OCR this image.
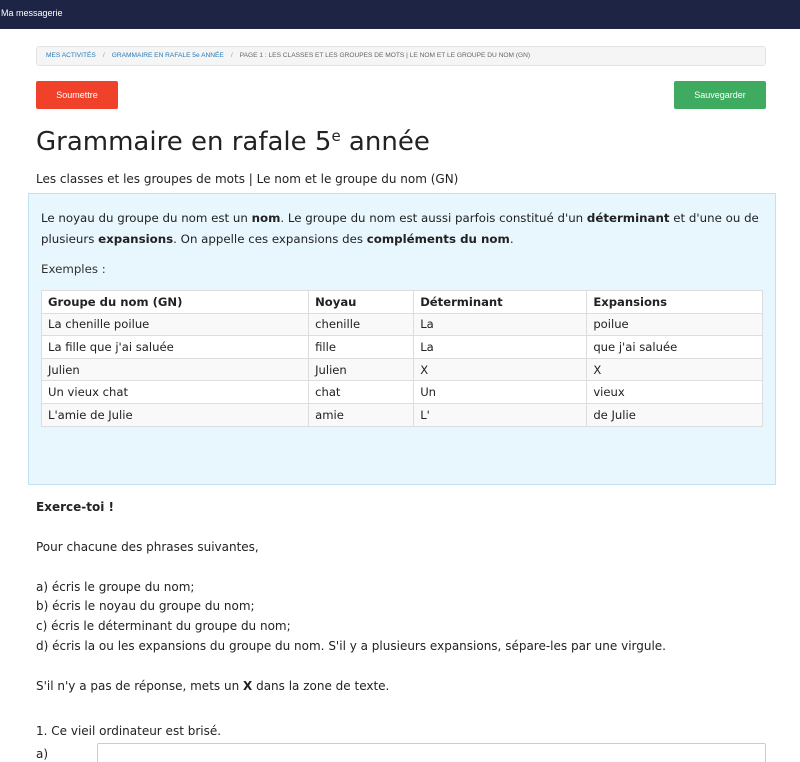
Ma messagerie
MES ACTIVITÉS / GRAMMAIRE EN RAFALE 5e ANNÉE / PAGE 1 : LES CLASSES ET LES GROUPES DE MOTS | LE NOM ET LE GROUPE DU NOM (GN)
Soumettre	Sauvegarder
Grammaire en rafale 5e année
Les classes et les groupes de mots | Le nom et le groupe du nom (GN)

Le noyau du groupe du nom est un nom. Le groupe du nom est aussi parfois constitué d'un déterminant et d'une ou de plusieurs expansions. On appelle ces expansions des compléments du nom.

Exemples :
Groupe du nom (GN)	Noyau	Déterminant	Expansions
La chenille poilue	chenille	La	poilue
La fille que j'ai saluée	fille	La	que j'ai saluée
Julien	Julien	X	X
Un vieux chat	chat	Un	vieux
L'amie de Julie	amie	L'	de Julie
Exerce-toi !
Pour chacune des phrases suivantes,
a) écris le groupe du nom;
b) écris le noyau du groupe du nom;
c) écris le déterminant du groupe du nom;
d) écris la ou les expansions du groupe du nom. S'il y a plusieurs expansions, sépare-les par une virgule.
S'il n'y a pas de réponse, mets un X dans la zone de texte.
1. Ce vieil ordinateur est brisé.
a)
